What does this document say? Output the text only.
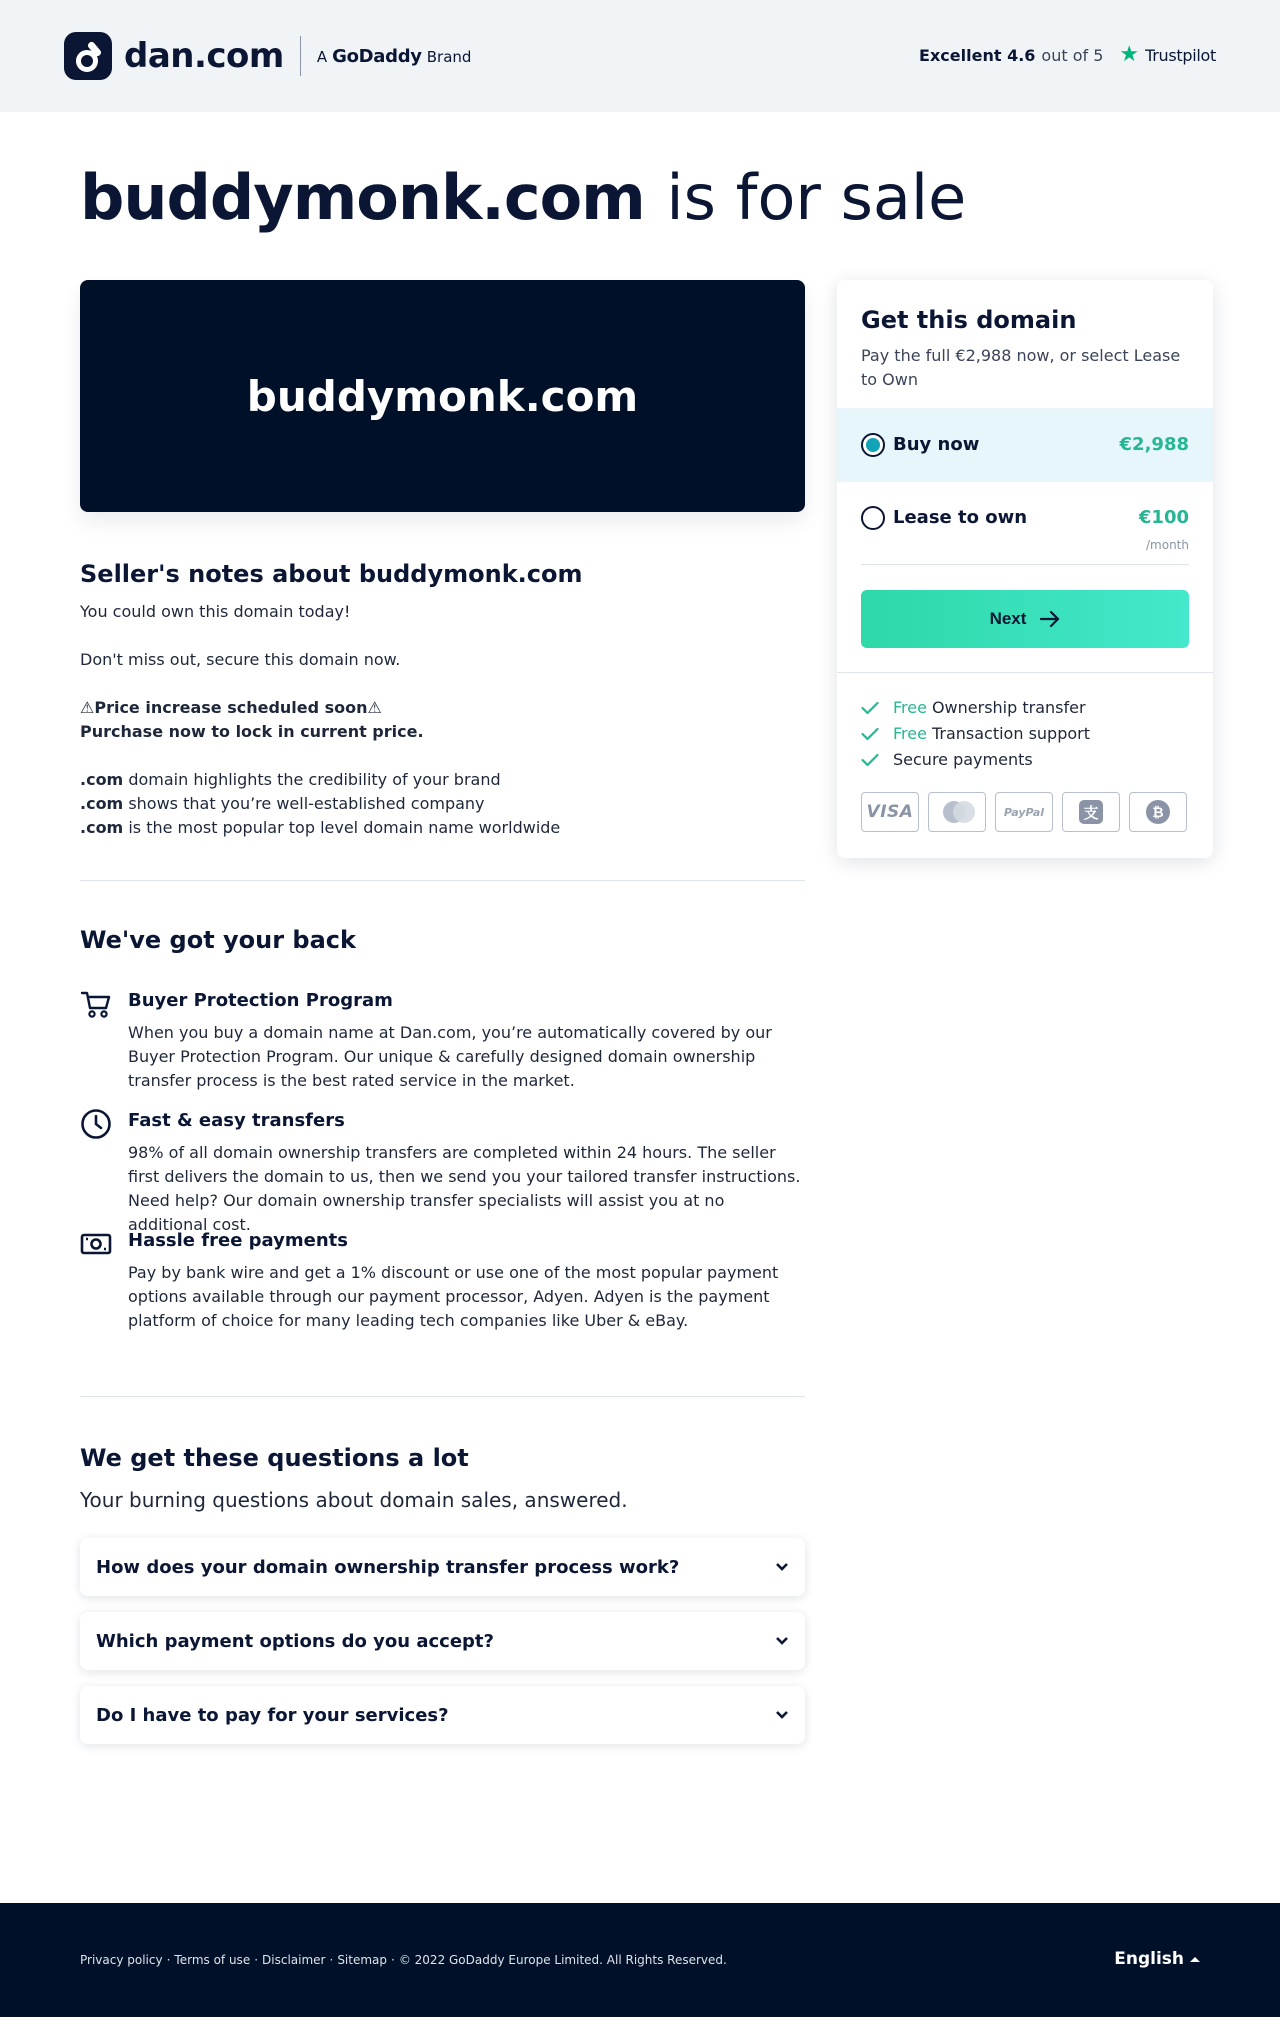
dan.com A GoDaddy Brand	Excellent 4.6 out of 5 ★ Trustpilot
buddymonk.com is for sale
buddymonk.com
Seller's notes about buddymonk.com
You could own this domain today!
Don't miss out, secure this domain now.
⚠Price increase scheduled soon⚠
Purchase now to lock in current price.
.com domain highlights the credibility of your brand
.com shows that you’re well-established company
.com is the most popular top level domain name worldwide
We've got your back
Buyer Protection Program
When you buy a domain name at Dan.com, you’re automatically covered by our Buyer Protection Program. Our unique & carefully designed domain ownership transfer process is the best rated service in the market.
Fast & easy transfers
98% of all domain ownership transfers are completed within 24 hours. The seller first delivers the domain to us, then we send you your tailored transfer instructions. Need help? Our domain ownership transfer specialists will assist you at no additional cost.
Hassle free payments
Pay by bank wire and get a 1% discount or use one of the most popular payment options available through our payment processor, Adyen. Adyen is the payment platform of choice for many leading tech companies like Uber & eBay.
We get these questions a lot
Your burning questions about domain sales, answered.
How does your domain ownership transfer process work?
Which payment options do you accept?
Do I have to pay for your services?
Get this domain
Pay the full €2,988 now, or select Lease to Own
Buy now	€2,988
Lease to own	€100
/month
Next
Free Ownership transfer
Free Transaction support
Secure payments
VISA	PayPal	支	₿
Privacy policy · Terms of use · Disclaimer · Sitemap · © 2022 GoDaddy Europe Limited. All Rights Reserved.	English
